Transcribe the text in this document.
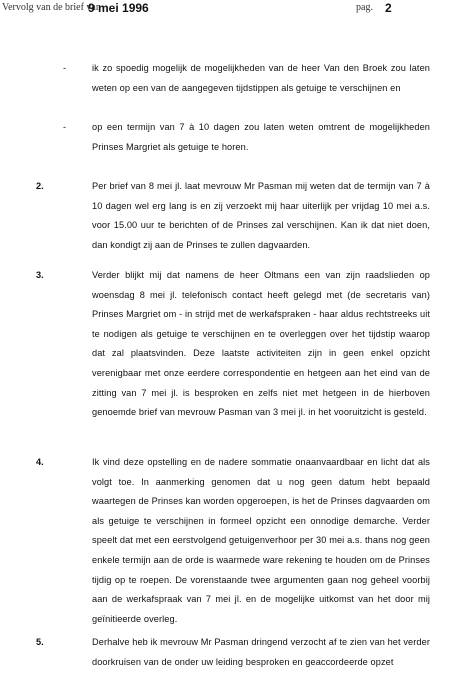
Vervolg van de brief van
9 mei 1996	pag. 2
-	ik zo spoedig mogelijk de mogelijkheden van de heer Van den Broek zou laten weten op een van de aangegeven tijdstippen als getuige te verschijnen en
-	op een termijn van 7 à 10 dagen zou laten weten omtrent de mogelijkheden Prinses Margriet als getuige te horen.
2.	Per brief van 8 mei jl. laat mevrouw Mr Pasman mij weten dat de termijn van 7 à 10 dagen wel erg lang is en zij verzoekt mij haar uiterlijk per vrijdag 10 mei a.s. voor 15.00 uur te berichten of de Prinses zal verschijnen. Kan ik dat niet doen, dan kondigt zij aan de Prinses te zullen dagvaarden.
3.	Verder blijkt mij dat namens de heer Oltmans een van zijn raadslieden op woensdag 8 mei jl. telefonisch contact heeft gelegd met (de secretaris van) Prinses Margriet om - in strijd met de werkafspraken - haar aldus rechtstreeks uit te nodigen als getuige te verschijnen en te overleggen over het tijdstip waarop dat zal plaatsvinden. Deze laatste activiteiten zijn in geen enkel opzicht verenigbaar met onze eerdere correspondentie en hetgeen aan het eind van de zitting van 7 mei jl. is besproken en zelfs niet met hetgeen in de hierboven genoemde brief van mevrouw Pasman van 3 mei jl. in het vooruitzicht is gesteld.
4.	Ik vind deze opstelling en de nadere sommatie onaanvaardbaar en licht dat als volgt toe. In aanmerking genomen dat u nog geen datum hebt bepaald waartegen de Prinses kan worden opgeroepen, is het de Prinses dagvaarden om als getuige te verschijnen in formeel opzicht een onnodige demarche. Verder speelt dat met een eerstvolgend getuigenverhoor per 30 mei a.s. thans nog geen enkele termijn aan de orde is waarmede ware rekening te houden om de Prinses tijdig op te roepen. De vorenstaande twee argumenten gaan nog geheel voorbij aan de werkafspraak van 7 mei jl. en de mogelijke uitkomst van het door mij geïnitieerde overleg.
5.	Derhalve heb ik mevrouw Mr Pasman dringend verzocht af te zien van het verder doorkruisen van de onder uw leiding besproken en geaccordeerde opzet
